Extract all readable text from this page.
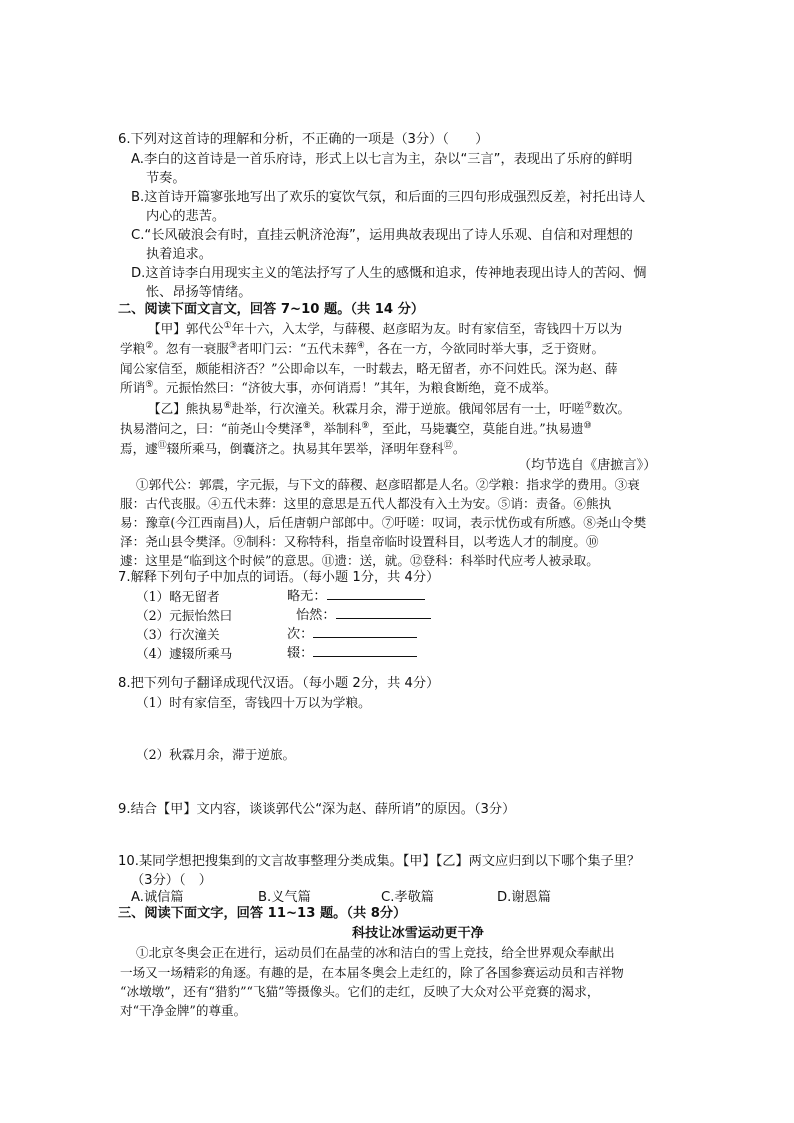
6.下列对这首诗的理解和分析，不正确的一项是（3分）（　　）
A.李白的这首诗是一首乐府诗，形式上以七言为主，杂以“三言”，表现出了乐府的鲜明
节奏。
B.这首诗开篇寥张地写出了欢乐的宴饮气氛，和后面的三四句形成强烈反差，衬托出诗人
内心的悲苦。
C.“长风破浪会有时，直挂云帆济沧海”，运用典故表现出了诗人乐观、自信和对理想的
执着追求。
D.这首诗李白用现实主义的笔法抒写了人生的感慨和追求，传神地表现出诗人的苦闷、惆
怅、昂扬等情绪。
二、阅读下面文言文，回答 7~10 题。（共 14 分）
【甲】郭代公①年十六，入太学，与薛稷、赵彦昭为友。时有家信至，寄钱四十万以为
学粮②。忽有一衰服③者叩门云：“五代未葬④，各在一方，今欲同时举大事，乏于资财。
闻公家信至，颇能相济否？”公即命以车，一时载去，略无留者，亦不问姓氏。深为赵、薛
所诮⑤。元振怡然曰：“济彼大事，亦何诮焉！”其年，为粮食断绝，竟不成举。
【乙】熊执易⑥赴举，行次潼关。秋霖月余，滞于逆旅。俄闻邻居有一士，吁嗟⑦数次。
执易潜问之，曰：“前尧山令樊泽⑧，举制科⑨，至此，马毙囊空，莫能自进。”执易遗⑩
焉，遽⑪辍所乘马，倒囊济之。执易其年罢举，泽明年登科⑫。
（均节选自《唐摭言》）
①郭代公：郭震，字元振，与下文的薛稷、赵彦昭都是人名。②学粮：指求学的费用。③衰
服：古代丧服。④五代未葬：这里的意思是五代人都没有入土为安。⑤诮：责备。⑥熊执
易：豫章(今江西南昌)人，后任唐朝户部郎中。⑦吁嗟：叹词，表示忧伤或有所感。⑧尧山令樊
泽：尧山县令樊泽。⑨制科：又称特科，指皇帝临时设置科目，以考选人才的制度。⑩
遽：这里是“临到这个时候”的意思。⑪遗：送，就。⑫登科：科举时代应考人被录取。
7.解释下列句子中加点的词语。（每小题 1分，共 4分）
（1）略无留者	略无：
（2）元振怡然曰	怡然：
（3）行次潼关	次：
（4）遽辍所乘马	辍：
8.把下列句子翻译成现代汉语。（每小题 2分，共 4分）
（1）时有家信至，寄钱四十万以为学粮。
（2）秋霖月余，滞于逆旅。
9.结合【甲】文内容，谈谈郭代公“深为赵、薛所诮”的原因。（3分）
10.某同学想把搜集到的文言故事整理分类成集。【甲】【乙】两文应归到以下哪个集子里？
（3分）（　）
A.诚信篇	B.义气篇	C.孝敬篇	D.谢恩篇
三、阅读下面文字，回答 11~13 题。（共 8分）
科技让冰雪运动更干净
①北京冬奥会正在进行，运动员们在晶莹的冰和洁白的雪上竞技，给全世界观众奉献出
一场又一场精彩的角逐。有趣的是，在本届冬奥会上走红的，除了各国参赛运动员和吉祥物
“冰墩墩”，还有“猎豹”“飞猫”等摄像头。它们的走红，反映了大众对公平竞赛的渴求，
对“干净金牌”的尊重。
